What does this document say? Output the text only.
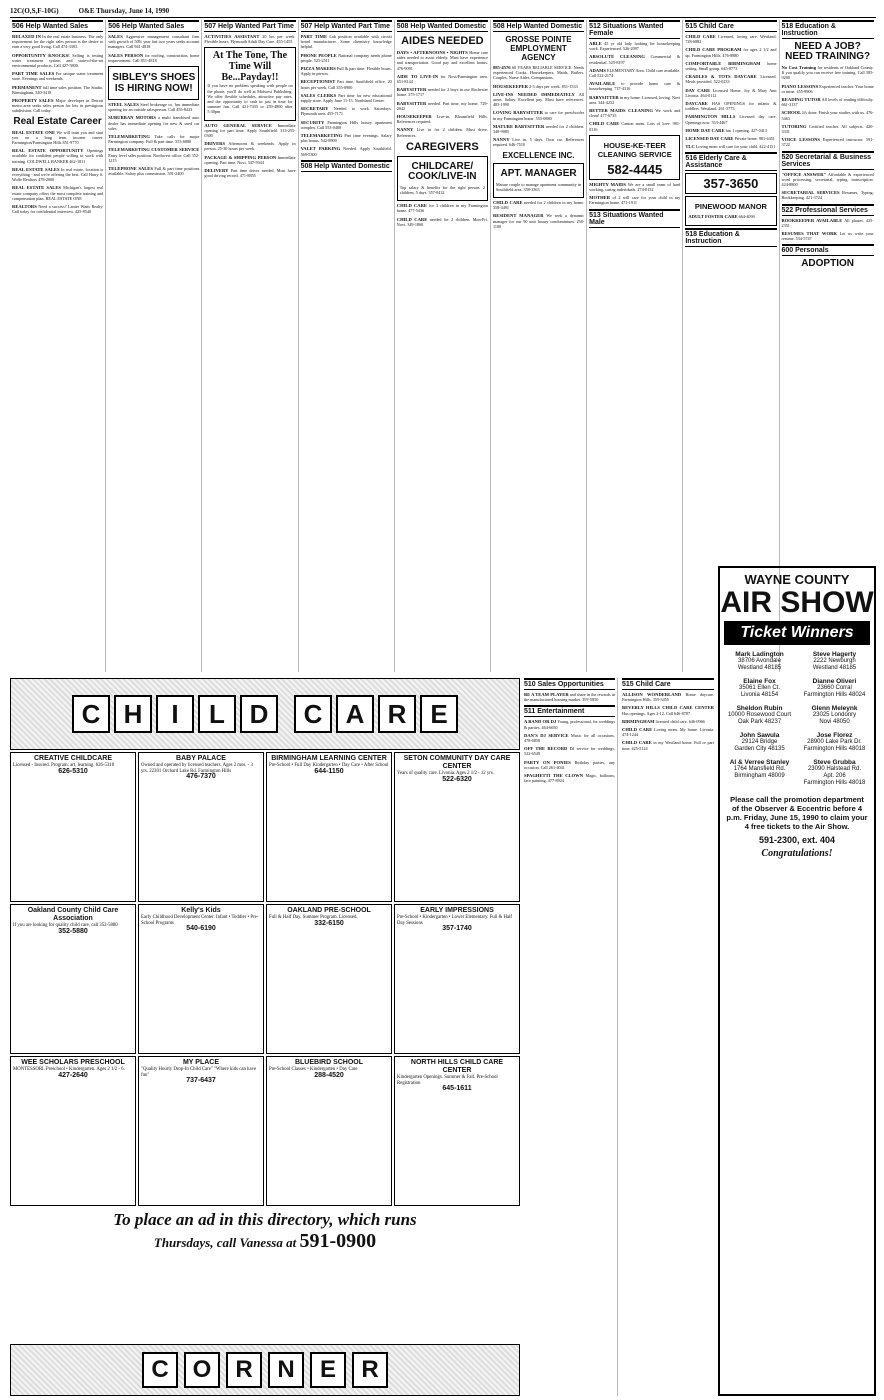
12C(O,S,F-10G)	O&E Thursday, June 14, 1990
506 Help Wanted Sales
RELAXED IN In the real estate business. The only requirement for the right sales person is the desire to earn a very good living. Call 474-3303.
OPPORTUNITY KNOCKS! Selling is testing water treatment system and state-of-the-art environmental products. Call 427-5800.
PART TIME SALES For unique water treatment store. Evenings and weekends.
PERMANENT full time sales position. The Studio, Birmingham, 540-3418
PROPERTY SALES Major developer in Detroit metro area seeks sales person for lots in prestigious subdivision. Call today.
Real Estate Career
REAL ESTATE ONE We will train you and start you on a long term income career. Farmington/Farmington Hills 851-9770
REAL ESTATE OPPORTUNITY Openings available for confident people willing to work with training. COLDWELL BANKER 462-1811
REAL ESTATE SALES In real estate, location is everything - and we're offering the best. Call Harry S. Wolfe Realtors 478-2000
REAL ESTATE SALES Michigan's largest real estate company offers the most complete training and compensation plan. REAL ESTATE ONE
REALTORS Need a success? Lanier Watts Realty. Call today for confidential interview. 425-8540
506 Help Wanted Sales
SALES Aggressive management consultant firm with growth of 50% year last two years seeks account managers. Call 941-4818
SALES PERSON for roofing, construction, home improvement. Call 851-4818
SIBLEY'S SHOES IS HIRING NOW!
STEEL SALES Steel brokerage co. has immediate opening for an outside salesperson. Call 455-8423
SUBURBAN MOTORS a multi franchised auto dealer has immediate opening for new & used car sales.
TELEMARKETING Take calls for major Farmington company. Full & part time. 553-6888
TELEMARKETING CUSTOMER SERVICE Entry level sales position. Northwest office. Call 352-1215
TELEPHONE SALES Full & part time positions available. Salary plus commission. 591-2400
507 Help Wanted Part Time
ACTIVITIES ASSISTANT 20 hrs per week. Flexible hours. Plymouth Adult Day Care. 455-1455
At The Tone, The Time Will Be...Payday!!
If you have no problem speaking with people on the phone, you'll do well at Midwest Publishing. We offer flexible schedules, attractive pay rates, and the opportunity to cash in just in time for summer fun. Call 421-7435 or 259-4800 after 5:30pm
AUTO GENERAL SERVICE Immediate opening for part time. Apply Southfield. 313-255-0300
DRIVERS Afternoons & weekends. Apply in person. 25-30 hours per week.
PACKAGE & SHIPPING PERSON Immediate opening. Part time. Novi. 347-5944
DELIVERY Part time driver needed. Must have good driving record. 471-8855
507 Help Wanted Part Time
PART TIME Lab position available with circuit board manufacturer. Some chemistry knowledge helpful.
PHONE PEOPLE National company needs phone people. 525-2511
PIZZA MAKERS Full & part time. Flexible hours. Apply in person.
RECEPTIONIST Part time, Southfield office. 20 hours per week. Call 355-0900
SALES CLERKS Part time for new educational supply store. Apply June 11-15. Northland Center.
SECRETARY Needed to work Saturdays. Plymouth area. 455-7171
SECURITY Farmington Hills luxury apartment complex. Call 553-0400
TELEMARKETING Part time evenings. Salary plus bonus. 542-8900
VALET PARKING Needed. Apply Southfield. 569-5300
508 Help Wanted Domestic
508 Help Wanted Domestic
AIDES NEEDED
DAYS • AFTERNOONS • NIGHTS Home care aides needed to assist elderly. Must have experience and transportation. Good pay and excellent bonus. 476-9091
AIDE TO LIVE-IN for Novi/Farmington area. 651-8144
BABYSITTER needed for 2 boys in our Rochester home. 375-1717
BABYSITTER needed. Part time, my home. 729-2042
HOUSEKEEPER Live-in, Bloomfield Hills. References required.
NANNY Live in for 2 children. Must drive. References.
CAREGIVERS
CHILDCARE/ COOK/LIVE-IN
Top salary & benefits for the right person. 2 children, 5 days. 357-0432
CHILD CARE for 3 children in my Farmington home. 477-5436
CHILD CARE needed for 2 children. Mon-Fri. Novi. 349-1860
508 Help Wanted Domestic
GROSSE POINTE EMPLOYMENT AGENCY
885-4576 60 YEARS RELIABLE SERVICE. Needs experienced Cooks, Housekeepers, Maids, Butlers, Couples, Nurse Aides, Companions.
HOUSEKEEPER 2-3 days per week. 851-1533
LIVE-INS NEEDED IMMEDIATELY All areas. Salary. Excellent pay. Must have references. 483-1990
LOVING BABYSITTER to care for preschooler in my Farmington home. 553-0880
MATURE BABYSITTER needed for 2 children. 348-9085
NANNY Live in, 5 days. Own car. References required. 646-7510
EXCELLENCE INC.
APT. MANAGER
Mature couple to manage apartment community in Southfield area. 358-1363
CHILD CARE needed for 2 children in my home. 358-4491
RESIDENT MANAGER We seek a dynamic manager for our 90 unit luxury condominium. 258-1100
512 Situations Wanted Female
ABLE 45 yr old lady looking for housekeeping work. Experienced. 526-2097
ABSOLUTE CLEANING Commercial & residential. 525-8197
ADAMS ELEMENTARY Area. Child care available. Call 522-2174
AVAILABLE to provide home care & housekeeping. 737-4316
BABYSITTER in my home. Licensed, loving. Novi area. 344-4252
BETTER MAIDS CLEANING We work and clean! 477-6735
CHILD CARE Canton mom. Lots of love. 981-0316
HOUSE-KE-TEER CLEANING SERVICE
582-4445
MIGHTY MAIDS We are a small team of hard working, caring individuals. 274-0152
MOTHER of 2 will care for your child in my Farmington home. 471-1911
513 Situations Wanted Male
515 Child Care
CHILD CARE Licensed, loving care. Westland. 728-6882
CHILD CARE PROGRAM for ages 2 1/2 and up. Farmington Hills. 476-8880
COMFORTABLE BIRMINGHAM home setting. Small group. 645-0773
CRADLES & TOTS DAYCARE Licensed. Meals provided. 522-0233
DAY CARE Licensed Home. Joy & Mary Ann Livonia. 464-0112
DAYCARE HAS OPENINGS for infants & toddlers. Westland. 261-5775
FARMINGTON HILLS Licensed day care. Openings now. 553-4467
HOME DAY CARE has 1 opening. 427-0413
LICENSED DAY CARE Private home. 981-4451
TLC Loving mom will care for your child. 422-4151
516 Elderly Care & Assistance
357-3650
PINEWOOD MANOR
ADULT FOSTER CARE 664-4090
518 Education & Instruction
518 Education & Instruction
NEED A JOB? NEED TRAINING?
No Cost Training for residents of Oakland County. If you qualify you can receive free training. Call 585-9200
PIANO LESSONS Experienced teacher. Your home or mine. 455-8906
READING TUTOR All levels of reading difficulty. 661-3137
SCHOOL It's done. Finish your studies with us. 476-5463
TUTORING Certified teacher. All subjects. 420-3331
VOICE LESSONS Experienced instructor. 591-3722
520 Secretarial & Business Services
"OFFICE ANSWER" Affordable & experienced word processing, secretarial, typing, transcription. 424-8800
SECRETARIAL SERVICES Resumes, Typing, Bookkeeping. 421-3724
522 Professional Services
BOOKKEEPER AVAILABLE All phases. 425-2351
RESUMES THAT WORK Let us write your resume. 534-5747
600 Personals
ADOPTION
C H	I	L D	C A R E
CREATIVE CHILDCARE
Licensed - Insured. Program: art, learning. 626-5310
626-5310
BABY PALACE
Owned and operated by licensed teachers. Ages 2 mos. - 3 yrs. 22301 Orchard Lake Rd. Farmington Hills
476-7370
BIRMINGHAM LEARNING CENTER
Pre-School • Full Day Kindergarten • Day Care • After School
644-1150
SETON COMMUNITY DAY CARE CENTER
Years of quality care. Livonia. Ages 2 1/2 - 12 yrs.
522-6320
Oakland County Child Care Association
If you are looking for quality child care, call 352-5880
352-5880
Kelly's Kids
Early Childhood Development Center. Infant • Toddler • Pre-School Programs
540-6190
OAKLAND PRE-SCHOOL
Full & Half Day. Summer Program. Licensed.
332-6150
EARLY IMPRESSIONS
Pre-School • Kindergarten • Lower Elementary. Full & Half Day Sessions
357-1740
WEE SCHOLARS PRESCHOOL
MONTESSORI. Preschool • Kindergarten. Ages 2 1/2 - 6.
427-2640
MY PLACE
"Quality Hourly Drop-In Child Care" "Where kids can have fun"
737-6437
BLUEBIRD SCHOOL
Pre-School Classes • Kindergarten • Day Care
288-4520
NORTH HILLS CHILD CARE CENTER
Kindergarten Openings. Summer & Fall. Pre-School Registration
645-1611
To place an ad in this directory, which runs
Thursdays, call Vanessa at 591-0900
C O	R	N	E	R
510 Sales Opportunities
BE A TEAM PLAYER and share in the rewards in the manufactured housing market. 397-5850
511 Entertainment
A BAND OR DJ Young, professional, for weddings & parties. 464-6650
DAN'S DJ SERVICE Music for all occasions. 478-6858
OFF THE RECORD DJ service for weddings. 522-6549
PARTY ON PONIES Birthday parties, any occasion. Call 261-4041
SPAGHETTI THE CLOWN Magic, balloons, face painting. 477-8924
515 Child Care
ALLISON WONDERLAND Home daycare. Farmington Hills. 355-3455
BEVERLY HILLS CHILD CARE CENTER Has openings. Ages 2-12. Call 646-8787
BIRMINGHAM licensed child care. 646-0966
CHILD CARE Loving mom. My home. Livonia. 474-1244
CHILD CARE in my Westland home. Full or part time. 425-5124
WAYNE COUNTY
AIR SHOW
Ticket Winners
Mark Ladington
38706 Avondale
Westland 48185
Steve Hagerty
2222 Newburgh
Westland 48185
Elaine Fox
35061 Ellen Ct.
Livonia 48154
Dianne Oliveri
23660 Corral
Farmington Hills 48024
Sheldon Rubin
10000 Rosewood Court
Oak Park 48237
Glenn Meleynk
23025 Londonry
Novi 48050
John Sawula
29124 Bridge
Garden City 48135
Jose Florez
28900 Lake Park Dr.
Farmington Hills 48018
Al & Verree Stanley
1764 Mansfield Rd.
Birmingham 48009
Steve Grubba
23090 Halstead Rd.
Apt. 206
Farmington Hills 48018
Please call the promotion department of the Observer & Eccentric before 4 p.m. Friday, June 15, 1990 to claim your 4 free tickets to the Air Show.
591-2300, ext. 404
Congratulations!
